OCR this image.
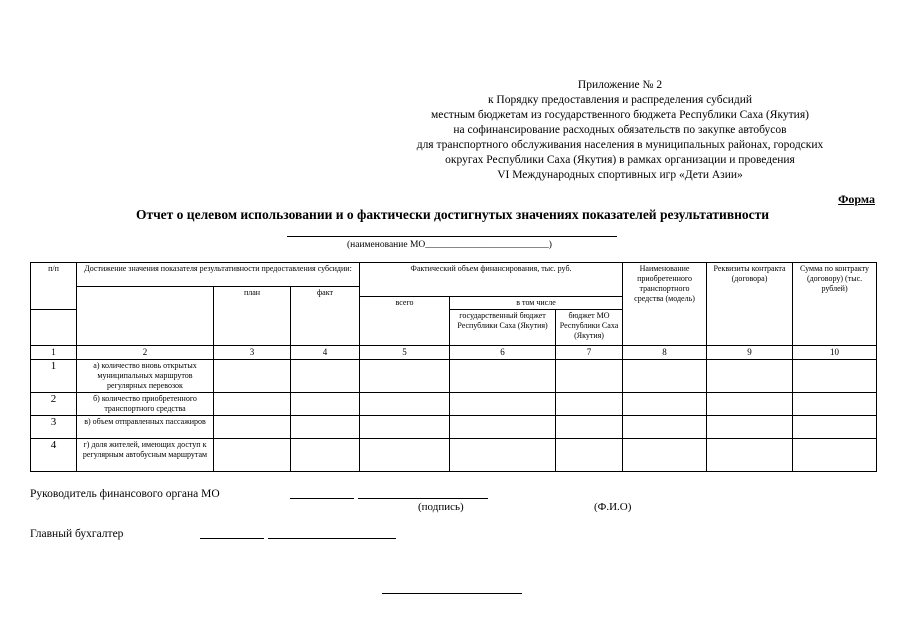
Приложение № 2
к Порядку предоставления и распределения субсидий
местным бюджетам из государственного бюджета Республики Саха (Якутия)
на софинансирование расходных обязательств по закупке автобусов
для транспортного обслуживания населения в муниципальных районах, городских
округах Республики Саха (Якутия) в рамках организации и проведения
VI Международных спортивных игр «Дети Азии»
Форма
Отчет о целевом использовании и о фактически достигнутых значениях показателей результативности
(наименование МО__________________________)
п/п	Достижение значения показателя результативности предоставления субсидии:			Фактический объем финансирования, тыс. руб.			Наименование приобретенного транспортного средства (модель)	Реквизиты контракта (договора)	Сумма по контракту (договору) (тыс. рублей)
		план	факт						
				всего	в том числе				
					государственный бюджет Республики Саха (Якутия)	бюджет МО Республики Саха (Якутия)			
1	2	3	4	5	6	7	8	9	10
1	а) количество вновь открытых муниципальных маршрутов регулярных перевозок								
2	б) количество приобретенного транспортного средства								
3	в) объем отправленных пассажиров								
4	г) доля жителей, имеющих доступ к регулярным автобусным маршрутам								
Руководитель финансового органа МО
(подпись)	(Ф.И.О)
Главный бухгалтер
